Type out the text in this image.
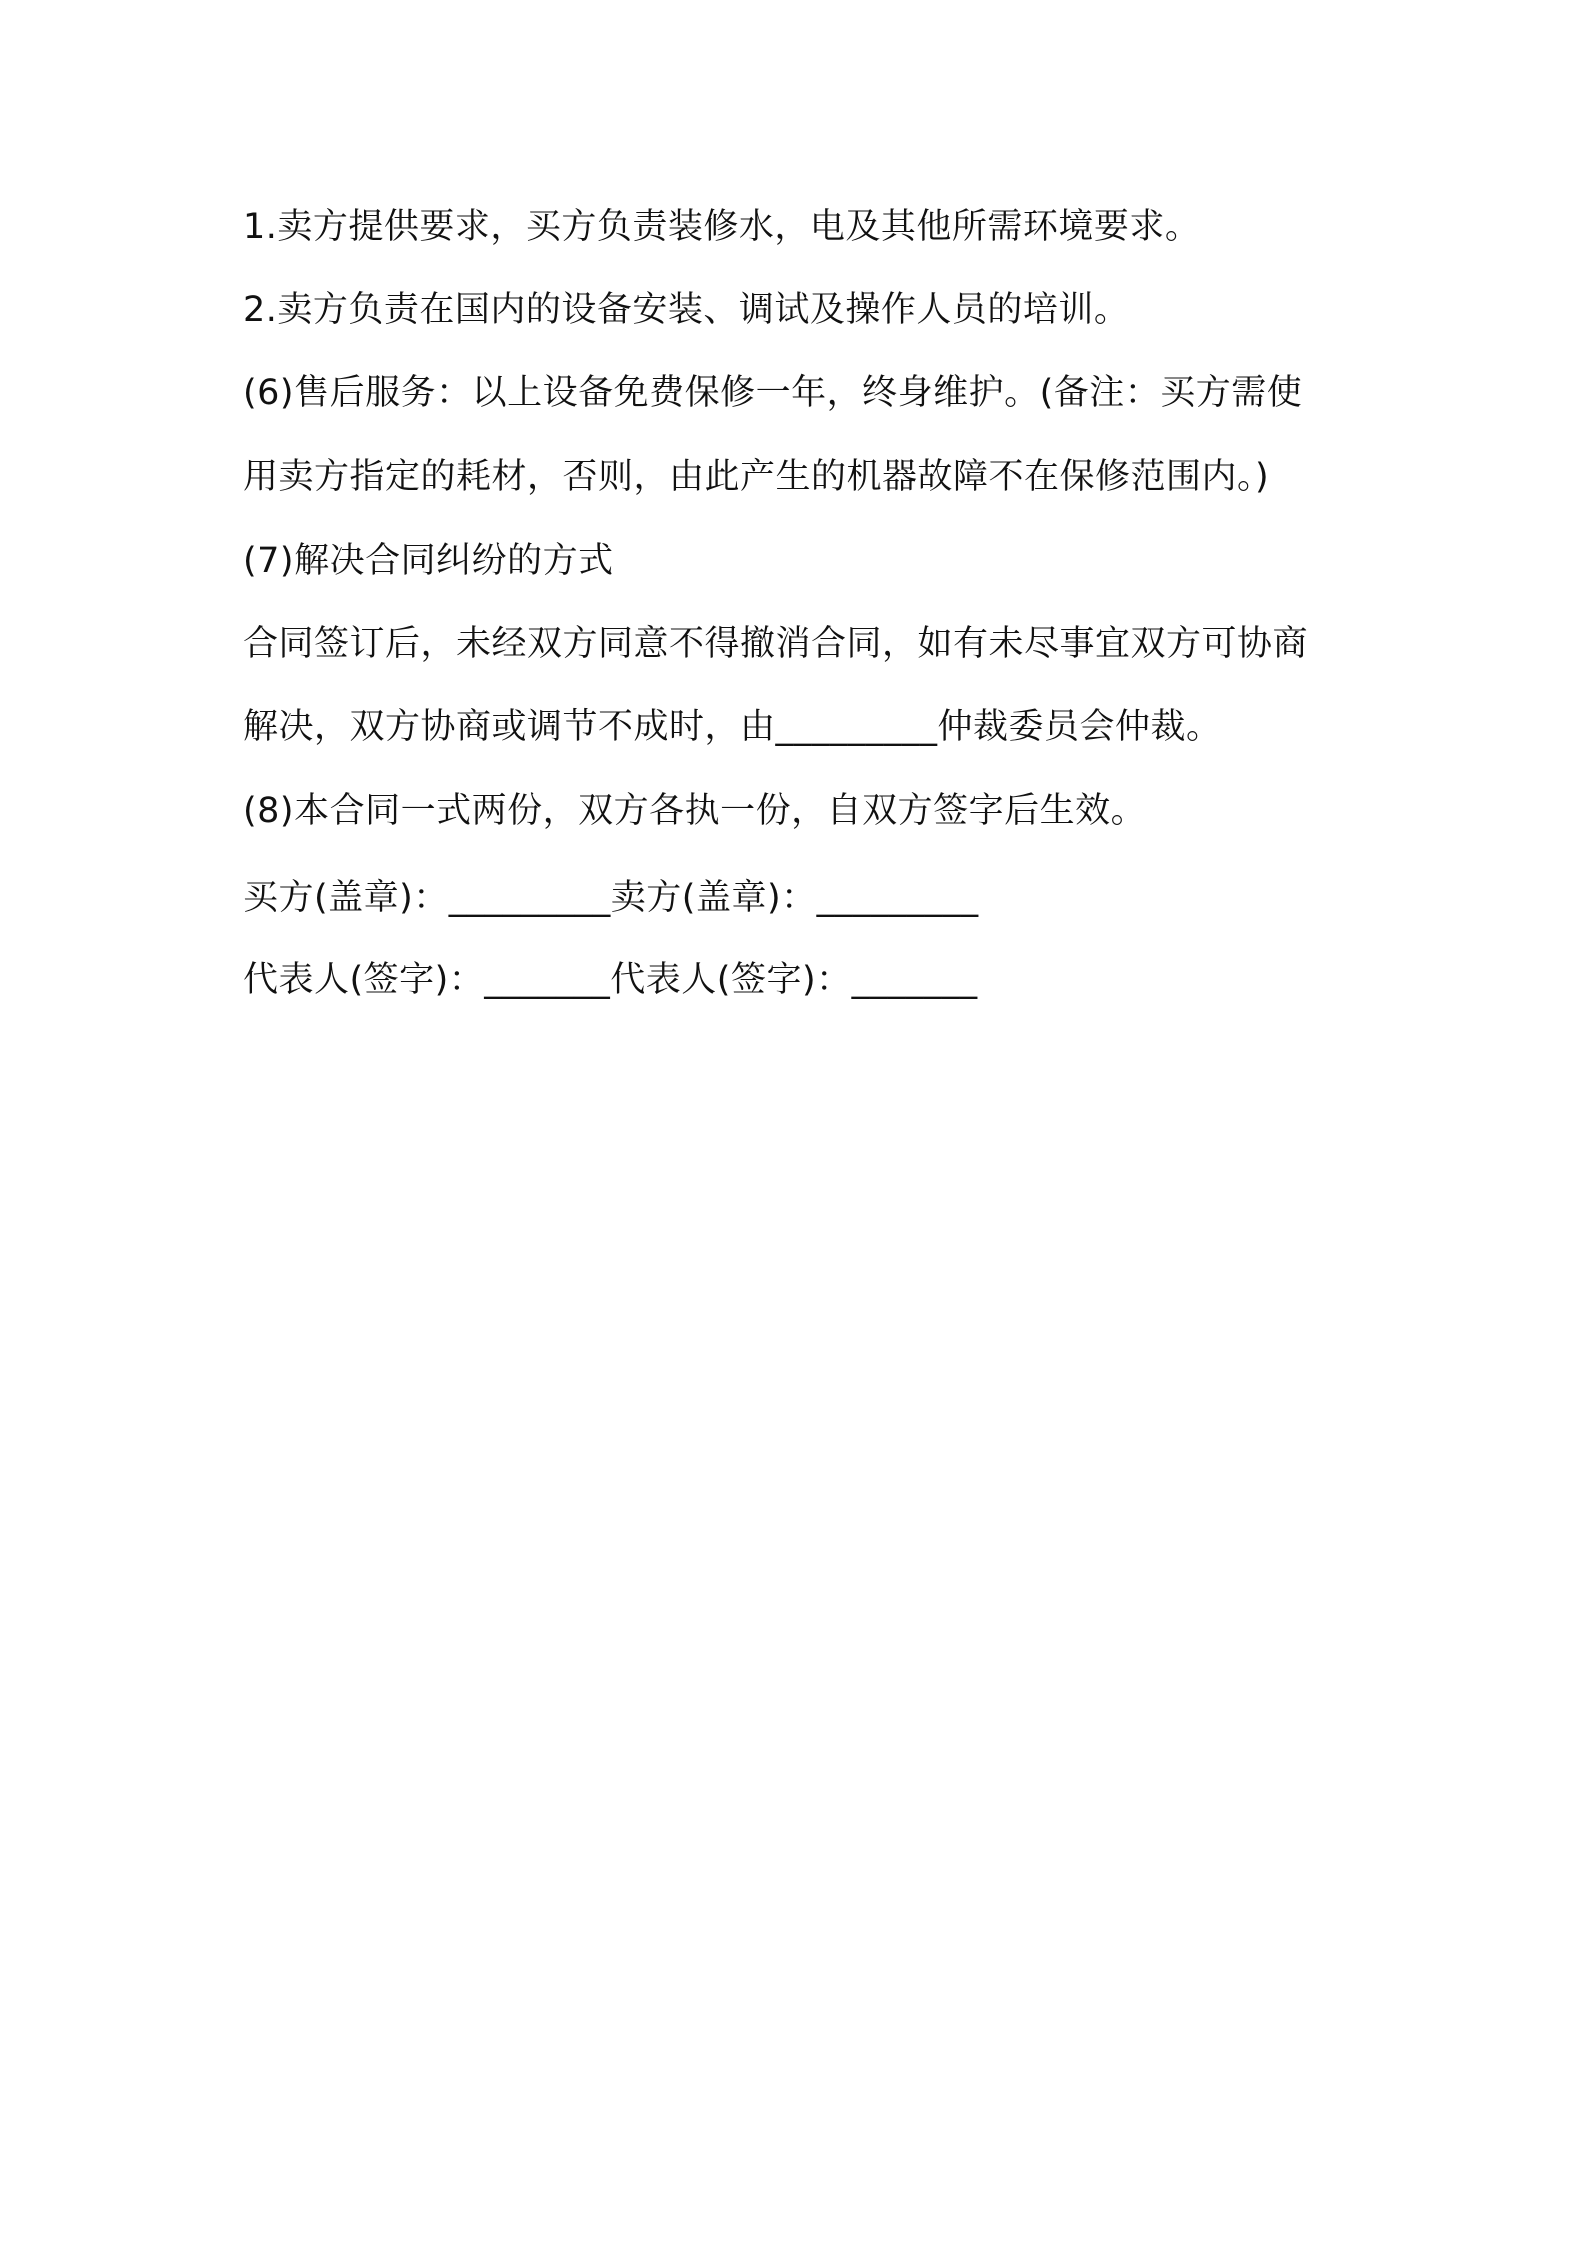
1.卖方提供要求，买方负责装修水，电及其他所需环境要求。
2.卖方负责在国内的设备安装、调试及操作人员的培训。
(6)售后服务：以上设备免费保修一年，终身维护。(备注：买方需使
用卖方指定的耗材，否则，由此产生的机器故障不在保修范围内。)
(7)解决合同纠纷的方式
合同签订后，未经双方同意不得撤消合同，如有未尽事宜双方可协商
解决，双方协商或调节不成时，由_________仲裁委员会仲裁。
(8)本合同一式两份，双方各执一份，自双方签字后生效。
买方(盖章)：_________卖方(盖章)：_________
代表人(签字)：_______代表人(签字)：_______
